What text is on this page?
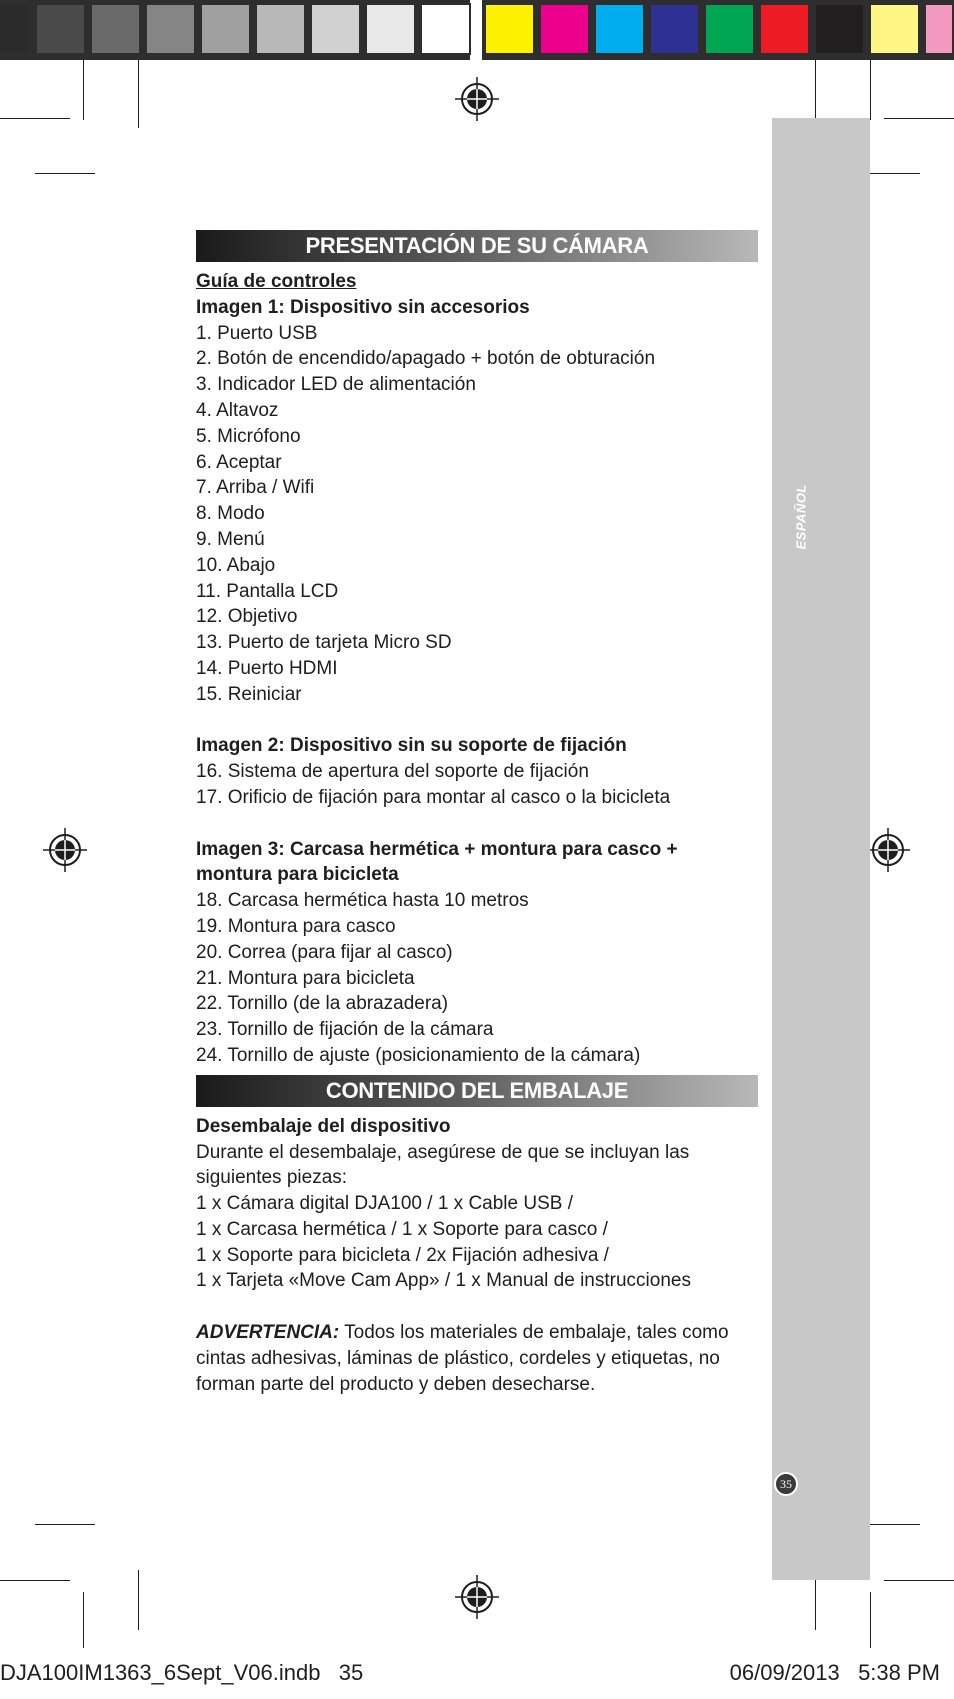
ESPAÑOL
35
PRESENTACIÓN DE SU CÁMARA
Guía de controles
Imagen 1: Dispositivo sin accesorios
1. Puerto USB
2. Botón de encendido/apagado + botón de obturación
3. Indicador LED de alimentación
4. Altavoz
5. Micrófono
6. Aceptar
7. Arriba / Wifi
8. Modo
9. Menú
10. Abajo
11. Pantalla LCD
12. Objetivo
13. Puerto de tarjeta Micro SD
14. Puerto HDMI
15. Reiniciar
Imagen 2: Dispositivo sin su soporte de fijación
16. Sistema de apertura del soporte de fijación
17. Orificio de fijación para montar al casco o la bicicleta
Imagen 3: Carcasa hermética + montura para casco +
montura para bicicleta
18. Carcasa hermética hasta 10 metros
19. Montura para casco
20. Correa (para fijar al casco)
21. Montura para bicicleta
22. Tornillo (de la abrazadera)
23. Tornillo de fijación de la cámara
24. Tornillo de ajuste (posicionamiento de la cámara)
CONTENIDO DEL EMBALAJE
Desembalaje del dispositivo
Durante el desembalaje, asegúrese de que se incluyan las
siguientes piezas:
1 x Cámara digital DJA100 / 1 x Cable USB /
1 x Carcasa hermética / 1 x Soporte para casco /
1 x Soporte para bicicleta / 2x Fijación adhesiva /
1 x Tarjeta «Move Cam App» / 1 x Manual de instrucciones
ADVERTENCIA: Todos los materiales de embalaje, tales como
cintas adhesivas, láminas de plástico, cordeles y etiquetas, no
forman parte del producto y deben desecharse.
DJA100IM1363_6Sept_V06.indb   35	06/09/2013   5:38 PM
